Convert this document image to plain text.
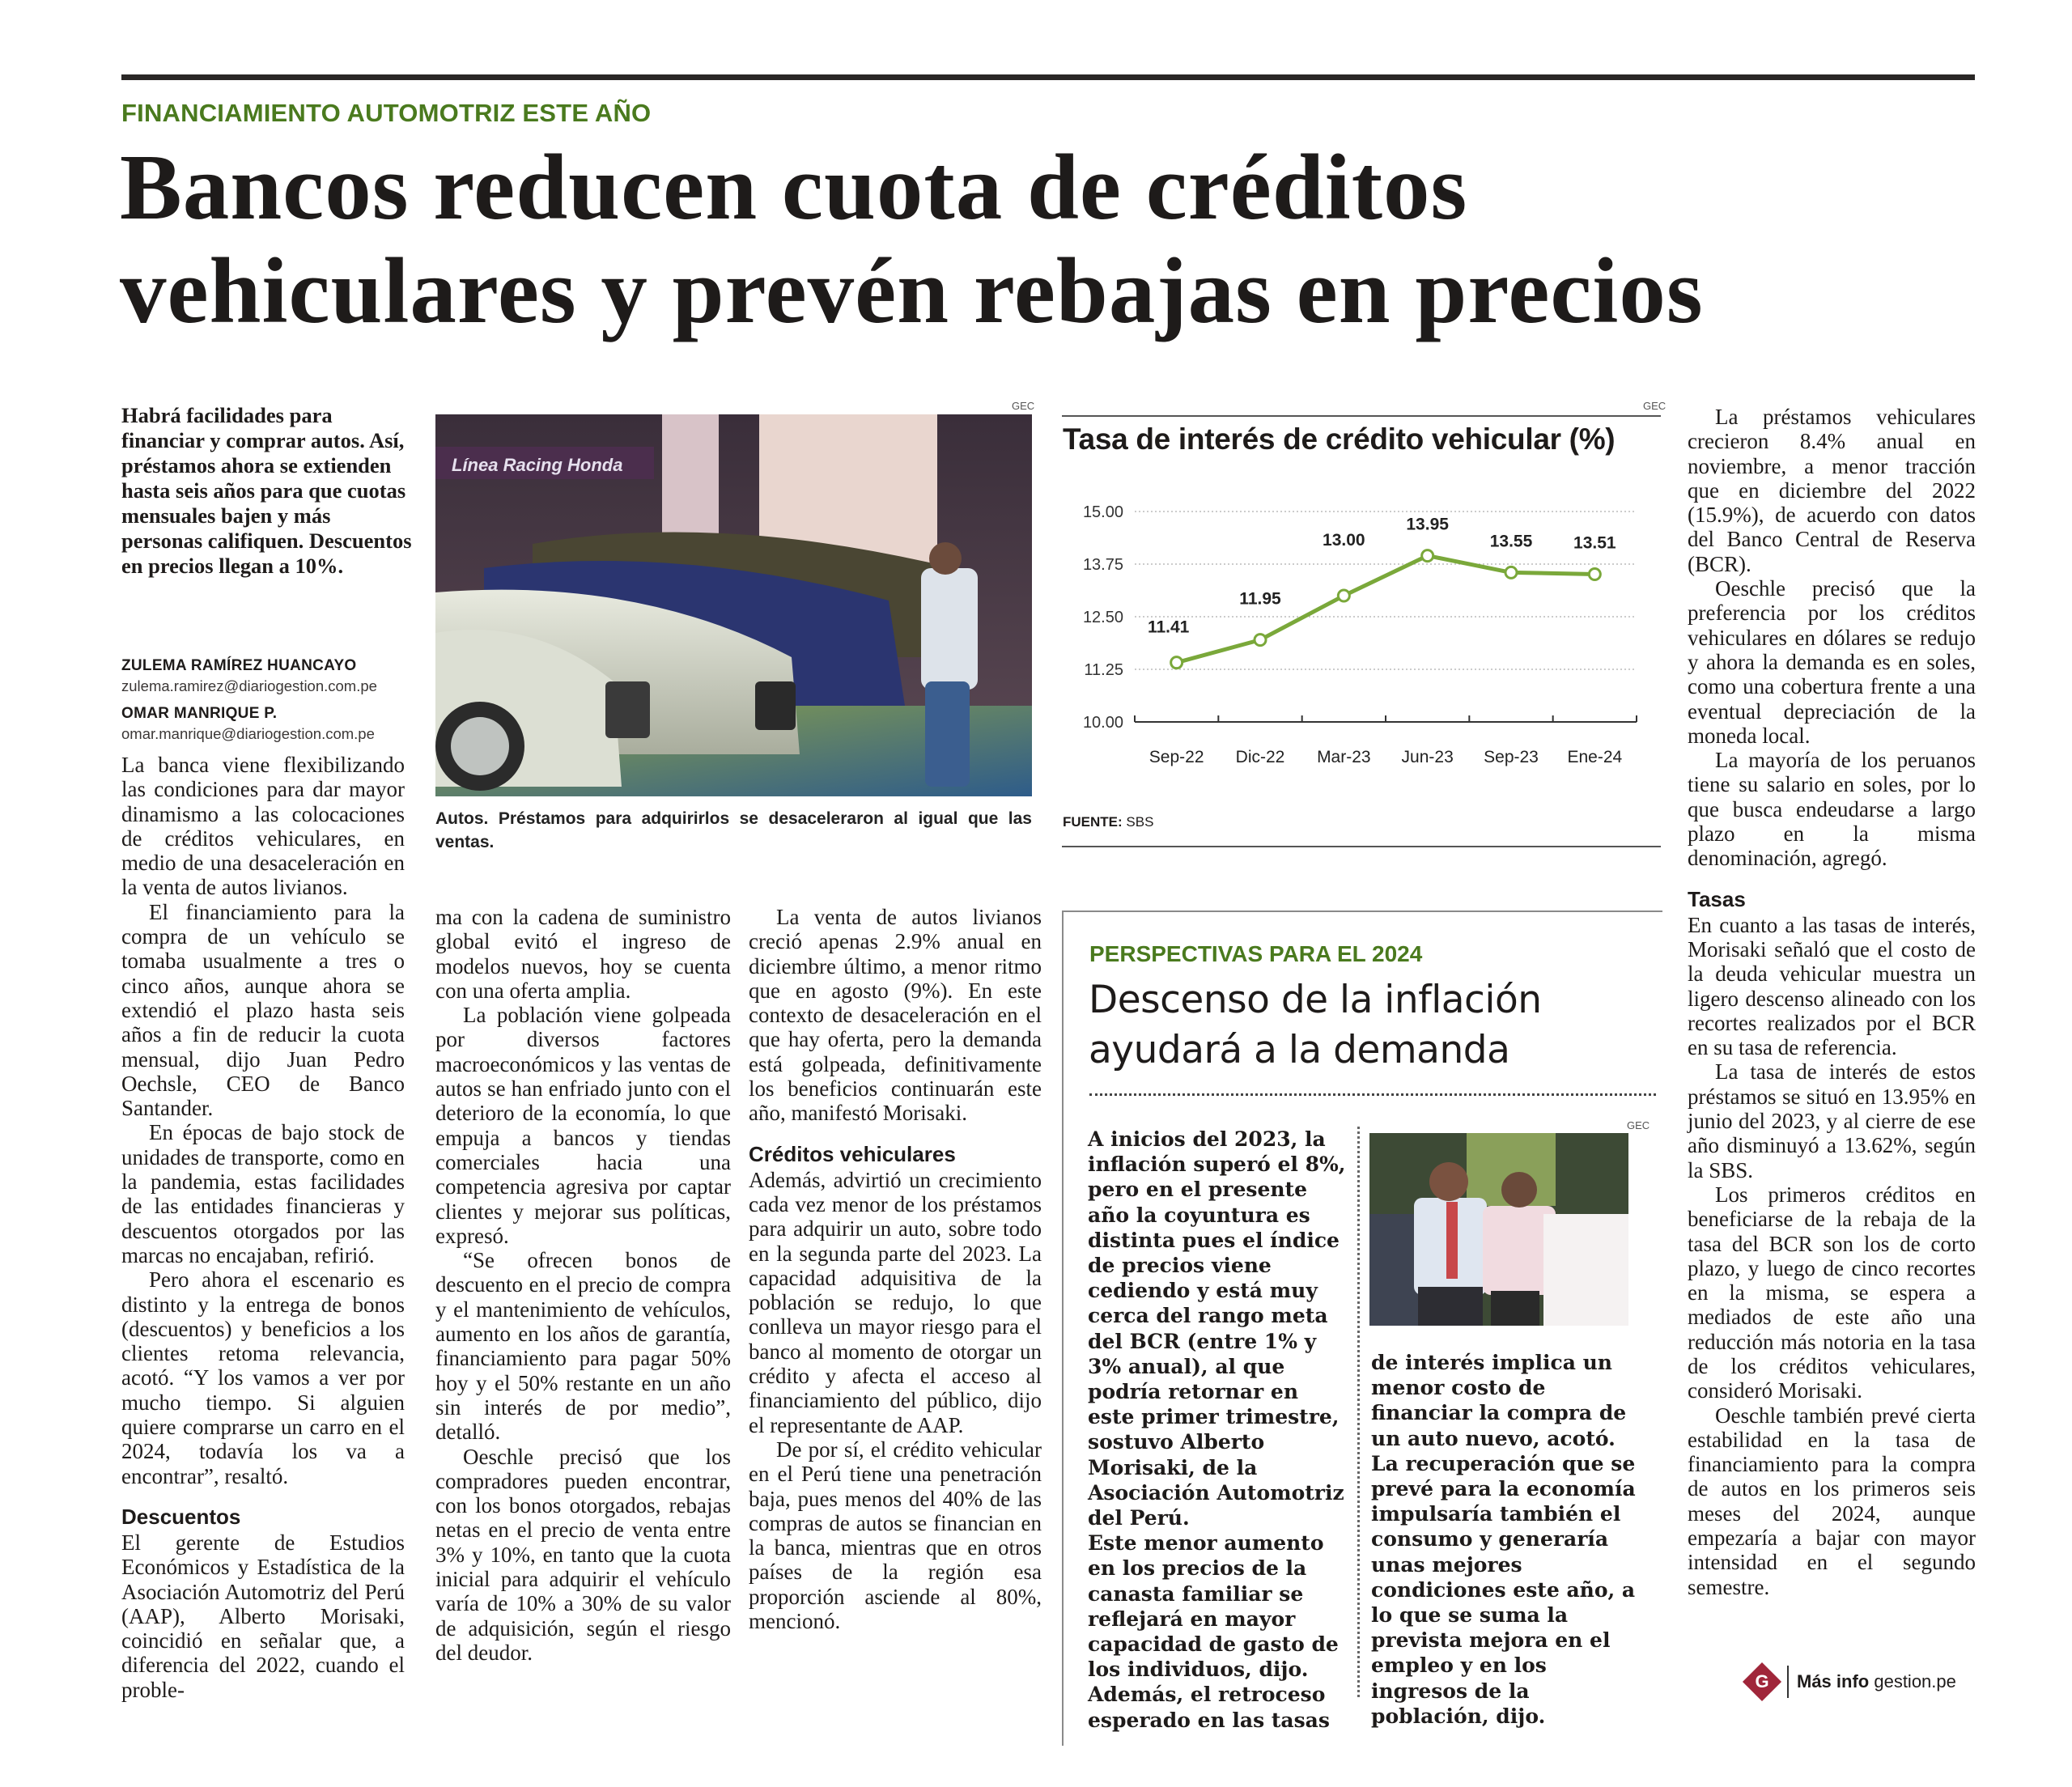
FINANCIAMIENTO AUTOMOTRIZ ESTE AÑO
Bancos reducen cuota de créditos
vehiculares y prevén rebajas en precios
Habrá facilidades para financiar y comprar autos. Así, préstamos ahora se extienden hasta seis años para que cuotas mensuales bajen y más personas califiquen. Descuentos en precios llegan a 10%.
ZULEMA RAMÍREZ HUANCAYO
zulema.ramirez@diariogestion.com.pe
OMAR MANRIQUE P.
omar.manrique@diariogestion.com.pe

La banca viene flexibilizando las condiciones para dar mayor dinamismo a las colocaciones de créditos vehiculares, en medio de una desaceleración en la venta de autos livianos.

El financiamiento para la compra de un vehículo se tomaba usualmente a tres o cinco años, aunque ahora se extendió el plazo hasta seis años a fin de reducir la cuota mensual, dijo Juan Pedro Oechsle, CEO de Banco Santander.

En épocas de bajo stock de unidades de transporte, como en la pandemia, estas facilidades de las entidades financieras y descuentos otorgados por las marcas no encajaban, refirió.

Pero ahora el escenario es distinto y la entrega de bonos (descuentos) y beneficios a los clientes retoma relevancia, acotó. “Y los vamos a ver por mucho tiempo. Si alguien quiere comprarse un carro en el 2024, todavía los va a encontrar”, resaltó.

Descuentos

El gerente de Estudios Económicos y Estadística de la Asociación Automotriz del Perú (AAP), Alberto Morisaki, coincidió en señalar que, a diferencia del 2022, cuando el proble-

GEC
Línea Racing Honda
Autos. Préstamos para adquirirlos se desaceleraron al igual que las ventas.

ma con la cadena de suministro global evitó el ingreso de modelos nuevos, hoy se cuenta con una oferta amplia.

La población viene golpeada por diversos factores macroeconómicos y las ventas de autos se han enfriado junto con el deterioro de la economía, lo que empuja a bancos y tiendas comerciales hacia una competencia agresiva por captar clientes y mejorar sus políticas, expresó.

“Se ofrecen bonos de descuento en el precio de compra y el mantenimiento de vehículos, aumento en los años de garantía, financiamiento para pagar 50% hoy y el 50% restante en un año sin interés de por medio”, detalló.

Oeschle precisó que los compradores pueden encontrar, con los bonos otorgados, rebajas netas en el precio de venta entre 3% y 10%, en tanto que la cuota inicial para adquirir el vehículo varía de 10% a 30% de su valor de adquisición, según el riesgo del deudor.

La venta de autos livianos creció apenas 2.9% anual en diciembre último, a menor ritmo que en agosto (9%). En este contexto de desaceleración en el que hay oferta, pero la demanda está golpeada, definitivamente los beneficios continuarán este año, manifestó Morisaki.

Créditos vehiculares

Además, advirtió un crecimiento cada vez menor de los préstamos para adquirir un auto, sobre todo en la segunda parte del 2023. La capacidad adquisitiva de la población se redujo, lo que conlleva un mayor riesgo para el banco al momento de otorgar un crédito y afecta el acceso al financiamiento del público, dijo el representante de AAP.

De por sí, el crédito vehicular en el Perú tiene una penetración baja, pues menos del 40% de las compras de autos se financian en la banca, mientras que en otros países de la región esa proporción asciende al 80%, mencionó.

GEC
Tasa de interés de crédito vehicular (%)
10.00
11.25
12.50
13.75
15.00
Sep-22 Dic-22 Mar-23 Jun-23 Sep-23 Ene-24
11.41
11.95
13.00
13.95
13.55 13.51
FUENTE: SBS
PERSPECTIVAS PARA EL 2024
Descenso de la inflación
ayudará a la demanda

A inicios del 2023, la inflación superó el 8%, pero en el presente año la coyuntura es distinta pues el índice de precios viene cediendo y está muy cerca del rango meta del BCR (entre 1% y 3% anual), al que podría retornar en este primer trimestre, sostuvo Alberto Morisaki, de la Asociación Automotriz del Perú.

Este menor aumento en los precios de la canasta familiar se reflejará en mayor capacidad de gasto de los individuos, dijo. Además, el retroceso esperado en las tasas

GEC

de interés implica un menor costo de financiar la compra de un auto nuevo, acotó.

La recuperación que se prevé para la economía impulsaría también el consumo y generaría unas mejores condiciones este año, a lo que se suma la prevista mejora en el empleo y en los ingresos de la población, dijo.

La préstamos vehiculares crecieron 8.4% anual en noviembre, a menor tracción que en diciembre del 2022 (15.9%), de acuerdo con datos del Banco Central de Reserva (BCR).

Oeschle precisó que la preferencia por los créditos vehiculares en dólares se redujo y ahora la demanda es en soles, como una cobertura frente a una eventual depreciación de la moneda local.

La mayoría de los peruanos tiene su salario en soles, por lo que busca endeudarse a largo plazo en la misma denominación, agregó.

Tasas

En cuanto a las tasas de interés, Morisaki señaló que el costo de la deuda vehicular muestra un ligero descenso alineado con los recortes realizados por el BCR en su tasa de referencia.

La tasa de interés de estos préstamos se situó en 13.95% en junio del 2023, y al cierre de ese año disminuyó a 13.62%, según la SBS.

Los primeros créditos en beneficiarse de la rebaja de la tasa del BCR son los de corto plazo, y luego de cinco recortes en la misma, se espera a mediados de este año una reducción más notoria en la tasa de los créditos vehiculares, consideró Morisaki.

Oeschle también prevé cierta estabilidad en la tasa de financiamiento para la compra de autos en los primeros seis meses del 2024, aunque empezaría a bajar con mayor intensidad en el segundo semestre.

G	Más info gestion.pe
